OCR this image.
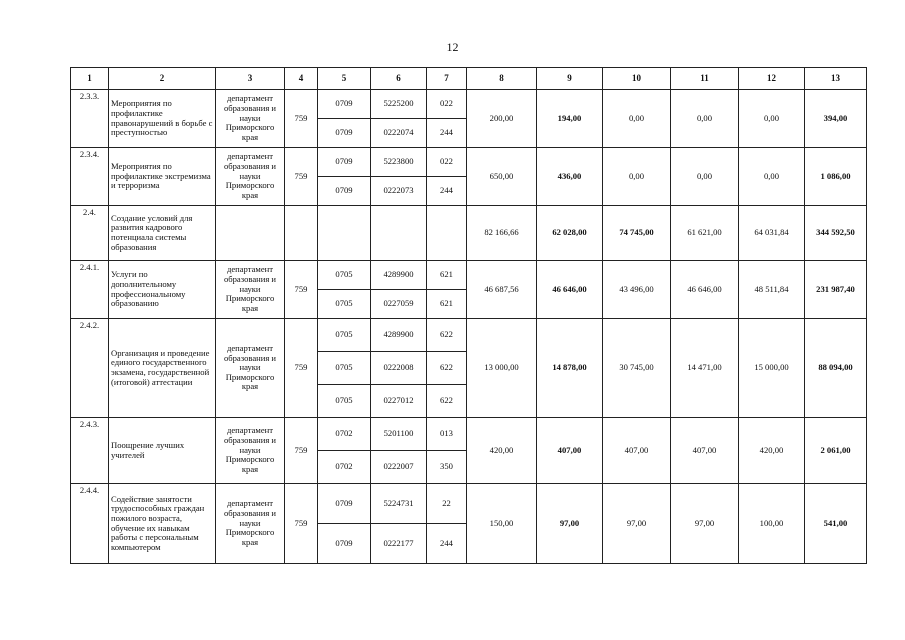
12
1	2	3	4	5	6	7	8	9	10	11	12	13
2.3.3.	Мероприятия по профилактике правонарушений в борьбе с преступностью	департамент образования и науки Приморского края	759	0709	5225200	022	200,00	194,00	0,00	0,00	0,00	394,00
				0709	0222074	244						
2.3.4.	Мероприятия по профилактике экстремизма и терроризма	департамент образования и науки Приморского края	759	0709	5223800	022	650,00	436,00	0,00	0,00	0,00	1 086,00
				0709	0222073	244						
2.4.	Создание условий для развития кадрового потенциала системы образования						82 166,66	62 028,00	74 745,00	61 621,00	64 031,84	344 592,50
2.4.1.	Услуги по дополнительному профессиональному образованию	департамент образования и науки Приморского края	759	0705	4289900	621	46 687,56	46 646,00	43 496,00	46 646,00	48 511,84	231 987,40
				0705	0227059	621						
2.4.2.	Организация и проведение единого государственного экзамена, государственной (итоговой) аттестации	департамент образования и науки Приморского края	759	0705	4289900	622	13 000,00	14 878,00	30 745,00	14 471,00	15 000,00	88 094,00
				0705	0222008	622						
				0705	0227012	622						
2.4.3.	Поощрение лучших учителей	департамент образования и науки Приморского края	759	0702	5201100	013	420,00	407,00	407,00	407,00	420,00	2 061,00
				0702	0222007	350						
2.4.4.	Содействие занятости трудоспособных граждан пожилого возраста, обучение их навыкам работы с персональным компьютером	департамент образования и науки Приморского края	759	0709	5224731	22	150,00	97,00	97,00	97,00	100,00	541,00
				0709	0222177	244						
